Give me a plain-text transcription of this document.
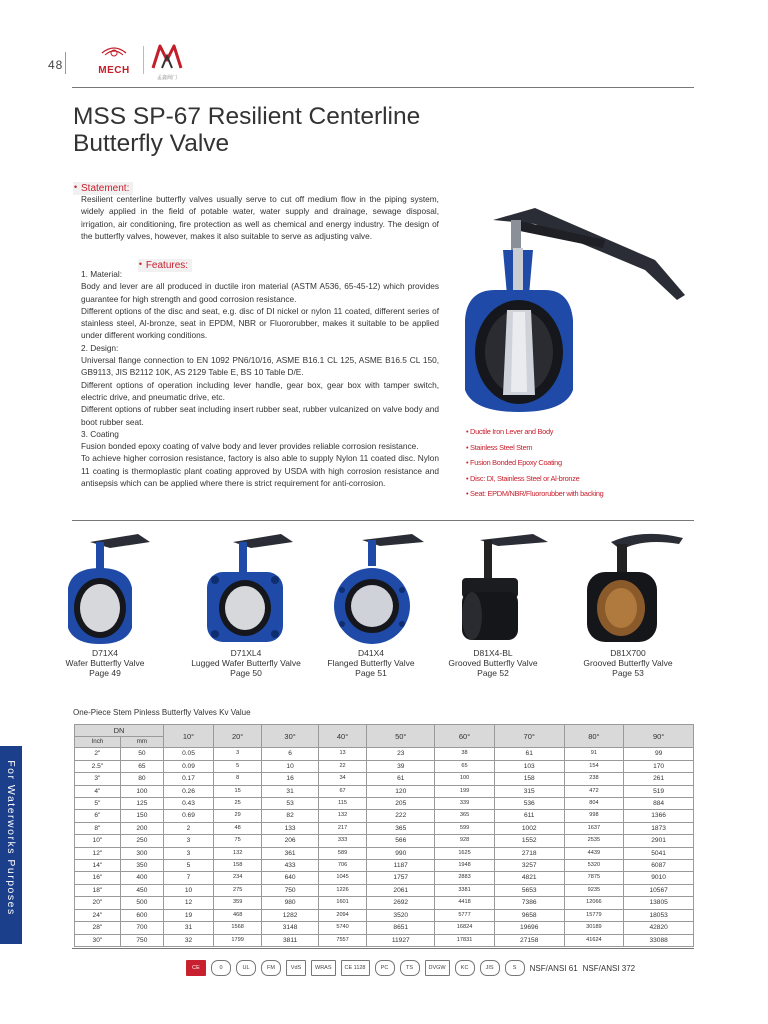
48	MECH
孟鑫阀门
MSS SP-67 Resilient Centerline
Butterfly Valve
• Statement:
Resilient centerline butterfly valves usually serve to cut off medium flow in the piping system, widely applied in the field of potable water, water supply and drainage, sewage disposal, irrigation, air conditioning, fire protection as well as chemical and energy industry. The design of the butterfly valves, however, makes it also suitable to serve as adjusting valve.
• Features:

1. Material:

Body and lever are all produced in ductile iron material (ASTM A536, 65-45-12) which provides guarantee for high strength and good corrosion resistance.

Different options of the disc and seat, e.g. disc of DI nickel or nylon 11 coated, different series of stainless steel, Al-bronze, seat in EPDM, NBR or Fluororubber, makes it suitable to be applied under different working conditions.

2. Design:

Universal flange connection to EN 1092 PN6/10/16, ASME B16.1 CL 125, ASME B16.5 CL 150, GB9113, JIS B2112 10K, AS 2129 Table E, BS 10 Table D/E.

Different options of operation including lever handle, gear box, gear box with tamper switch, electric drive, and pneumatic drive, etc.

Different options of rubber seat including insert rubber seat, rubber vulcanized on valve body and boot rubber seat.

3. Coating

Fusion bonded epoxy coating of valve body and lever provides reliable corrosion resistance.

To achieve higher corrosion resistance, factory is also able to supply Nylon 11 coated disc. Nylon 11 coating is thermoplastic plant coating approved by USDA with high corrosion resistance and antisepsis which can be applied where there is strict requirement for anti-corrosion.

• Ductile Iron Lever and Body
• Stainless Steel Stem
• Fusion Bonded Epoxy Coating
• Disc: DI, Stainless Steel or Al-bronze
• Seat: EPDM/NBR/Fluororubber with backing
D71X4
Wafer Butterfly Valve
Page 49
D71XL4
Lugged Wafer Butterfly Valve
Page 50
D41X4
Flanged Butterfly Valve
Page 51
D81X4-BL
Grooved Butterfly Valve
Page 52
D81X700
Grooved Butterfly Valve
Page 53
One-Piece Stem Pinless Butterfly Valves Kv Value
DN		10°	20°	30°	40°	50°	60°	70°	80°	90°
Inch	mm									
2"	50	0.05	3	6	13	23	38	61	91	99
2.5"	65	0.09	5	10	22	39	65	103	154	170
3"	80	0.17	8	16	34	61	100	158	238	261
4"	100	0.26	15	31	67	120	199	315	472	519
5"	125	0.43	25	53	115	205	339	536	804	884
6"	150	0.69	29	82	132	222	365	611	998	1366
8"	200	2	48	133	217	365	599	1002	1637	1873
10"	250	3	75	206	333	566	928	1552	2535	2901
12"	300	3	132	361	589	990	1625	2718	4439	5041
14"	350	5	158	433	706	1187	1948	3257	5320	6087
16"	400	7	234	640	1045	1757	2883	4821	7875	9010
18"	450	10	275	750	1226	2061	3381	5653	9235	10567
20"	500	12	359	980	1601	2692	4418	7386	12066	13805
24"	600	19	468	1282	2094	3520	5777	9658	15779	18053
28"	700	31	1568	3148	5740	8651	16824	19696	30189	42820
30"	750	32	1799	3811	7557	11927	17831	27158	41624	33088
For Waterworks Purposes
CE	0	UL	FM	VdS	WRAS	CE 1128	PC	TS	DVGW	KC	JIS	S	NSF/ANSI 61 NSF/ANSI 372
